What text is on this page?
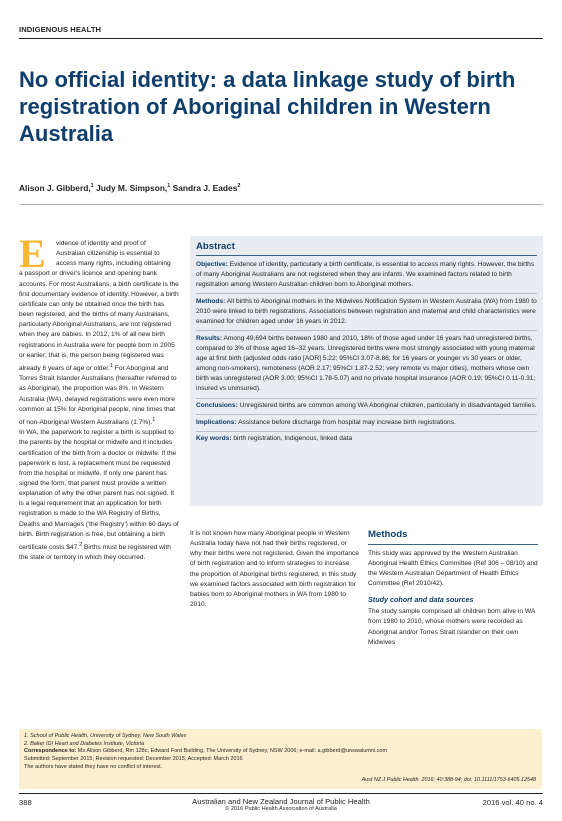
INDIGENOUS HEALTH
No official identity: a data linkage study of birth registration of Aboriginal children in Western Australia
Alison J. Gibberd,$^1$ Judy M. Simpson,$^1$ Sandra J. Eades$^2$
E	vidence of identity and proof of
Australian citizenship is essential to
access many rights, including obtaining
a passport or driver's licence and opening bank accounts. For most Australians, a birth certificate is the first documentary evidence of identity. However, a birth certificate can only be obtained once the birth has been registered, and the births of many Australians, particularly Aboriginal Australians, are not registered when they are babies. In 2012, 1% of all new birth registrations in Australia were for people born in 2005 or earlier; that is, the person being registered was already 6 years of age or older.$^1$ For Aboriginal and Torres Strait Islander Australians (hereafter referred to as Aboriginal), the proportion was 8%. In Western Australia (WA), delayed registrations were even more common at 15% for Aboriginal people, nine times that of non-Aboriginal Western Australians (1.7%).$^1$

In WA, the paperwork to register a birth is supplied to the parents by the hospital or midwife and it includes certification of the birth from a doctor or midwife. If the paperwork is lost, a replacement must be requested from the hospital or midwife. If only one parent has signed the form, that parent must provide a written explanation of why the other parent has not signed. It is a legal requirement that an application for birth registration is made to the WA Registry of Births, Deaths and Marriages ('the Registry') within 60 days of birth. Birth registration is free, but obtaining a birth certificate costs $47.$^2$ Births must be registered with the state or territory in which they occurred.

Abstract
Objective: Evidence of identity, particularly a birth certificate, is essential to access many rights. However, the births of many Aboriginal Australians are not registered when they are infants. We examined factors related to birth registration among Western Australian children born to Aboriginal mothers.
Methods: All births to Aboriginal mothers in the Midwives Notification System in Western Australia (WA) from 1980 to 2010 were linked to birth registrations. Associations between registration and maternal and child characteristics were examined for children aged under 16 years in 2012.
Results: Among 49,694 births between 1980 and 2010, 18% of those aged under 16 years had unregistered births, compared to 3% of those aged 16–32 years. Unregistered births were most strongly associated with young maternal age at first birth (adjusted odds ratio [AOR] 5.22; 95%CI 3.07-8.86; for 16 years or younger vs 30 years or older, among non-smokers), remoteness (AOR 2.17; 95%CI 1.87-2.52; very remote vs major cities), mothers whose own birth was unregistered (AOR 3.00; 95%CI 1.78-5.07) and no private hospital insurance (AOR 0.19; 95%CI 0.11-0.31; insured vs uninsured).
Conclusions: Unregistered births are common among WA Aboriginal children, particularly in disadvantaged families.
Implications: Assistance before discharge from hospital may increase birth registrations.
Key words: birth registration, Indigenous, linked data

It is not known how many Aboriginal people in Western Australia today have not had their births registered, or why their births were not registered. Given the importance of birth registration and to inform strategies to increase the proportion of Aboriginal births registered, in this study we examined factors associated with birth registration for babies born to Aboriginal mothers in WA from 1980 to 2010.

Methods

This study was approved by the Western Australian Aboriginal Health Ethics Committee (Ref 306 – 08/10) and the Western Australian Department of Health Ethics Committee (Ref 2010/42).

Study cohort and data sources

The study sample comprised all children born alive in WA from 1980 to 2010, whose mothers were recorded as Aboriginal and/or Torres Strait Islander on their own Midwives

1. School of Public Health, University of Sydney, New South Wales
2. Baker IDI Heart and Diabetes Institute, Victoria
Correspondence to: Ms Alison Gibberd, Rm 128c, Edward Ford Building, The University of Sydney, NSW 2006; e-mail: a.gibberd@unswalumni.com
Submitted: September 2015; Revision requested: December 2015; Accepted: March 2016
The authors have stated they have no conflict of interest.
Aust NZ J Public Health. 2016; 40:388-94; doi: 10.1111/1753-6405.12548
388	Australian and New Zealand Journal of Public Health
© 2016 Public Health Association of Australia
2016 vol. 40 no. 4
